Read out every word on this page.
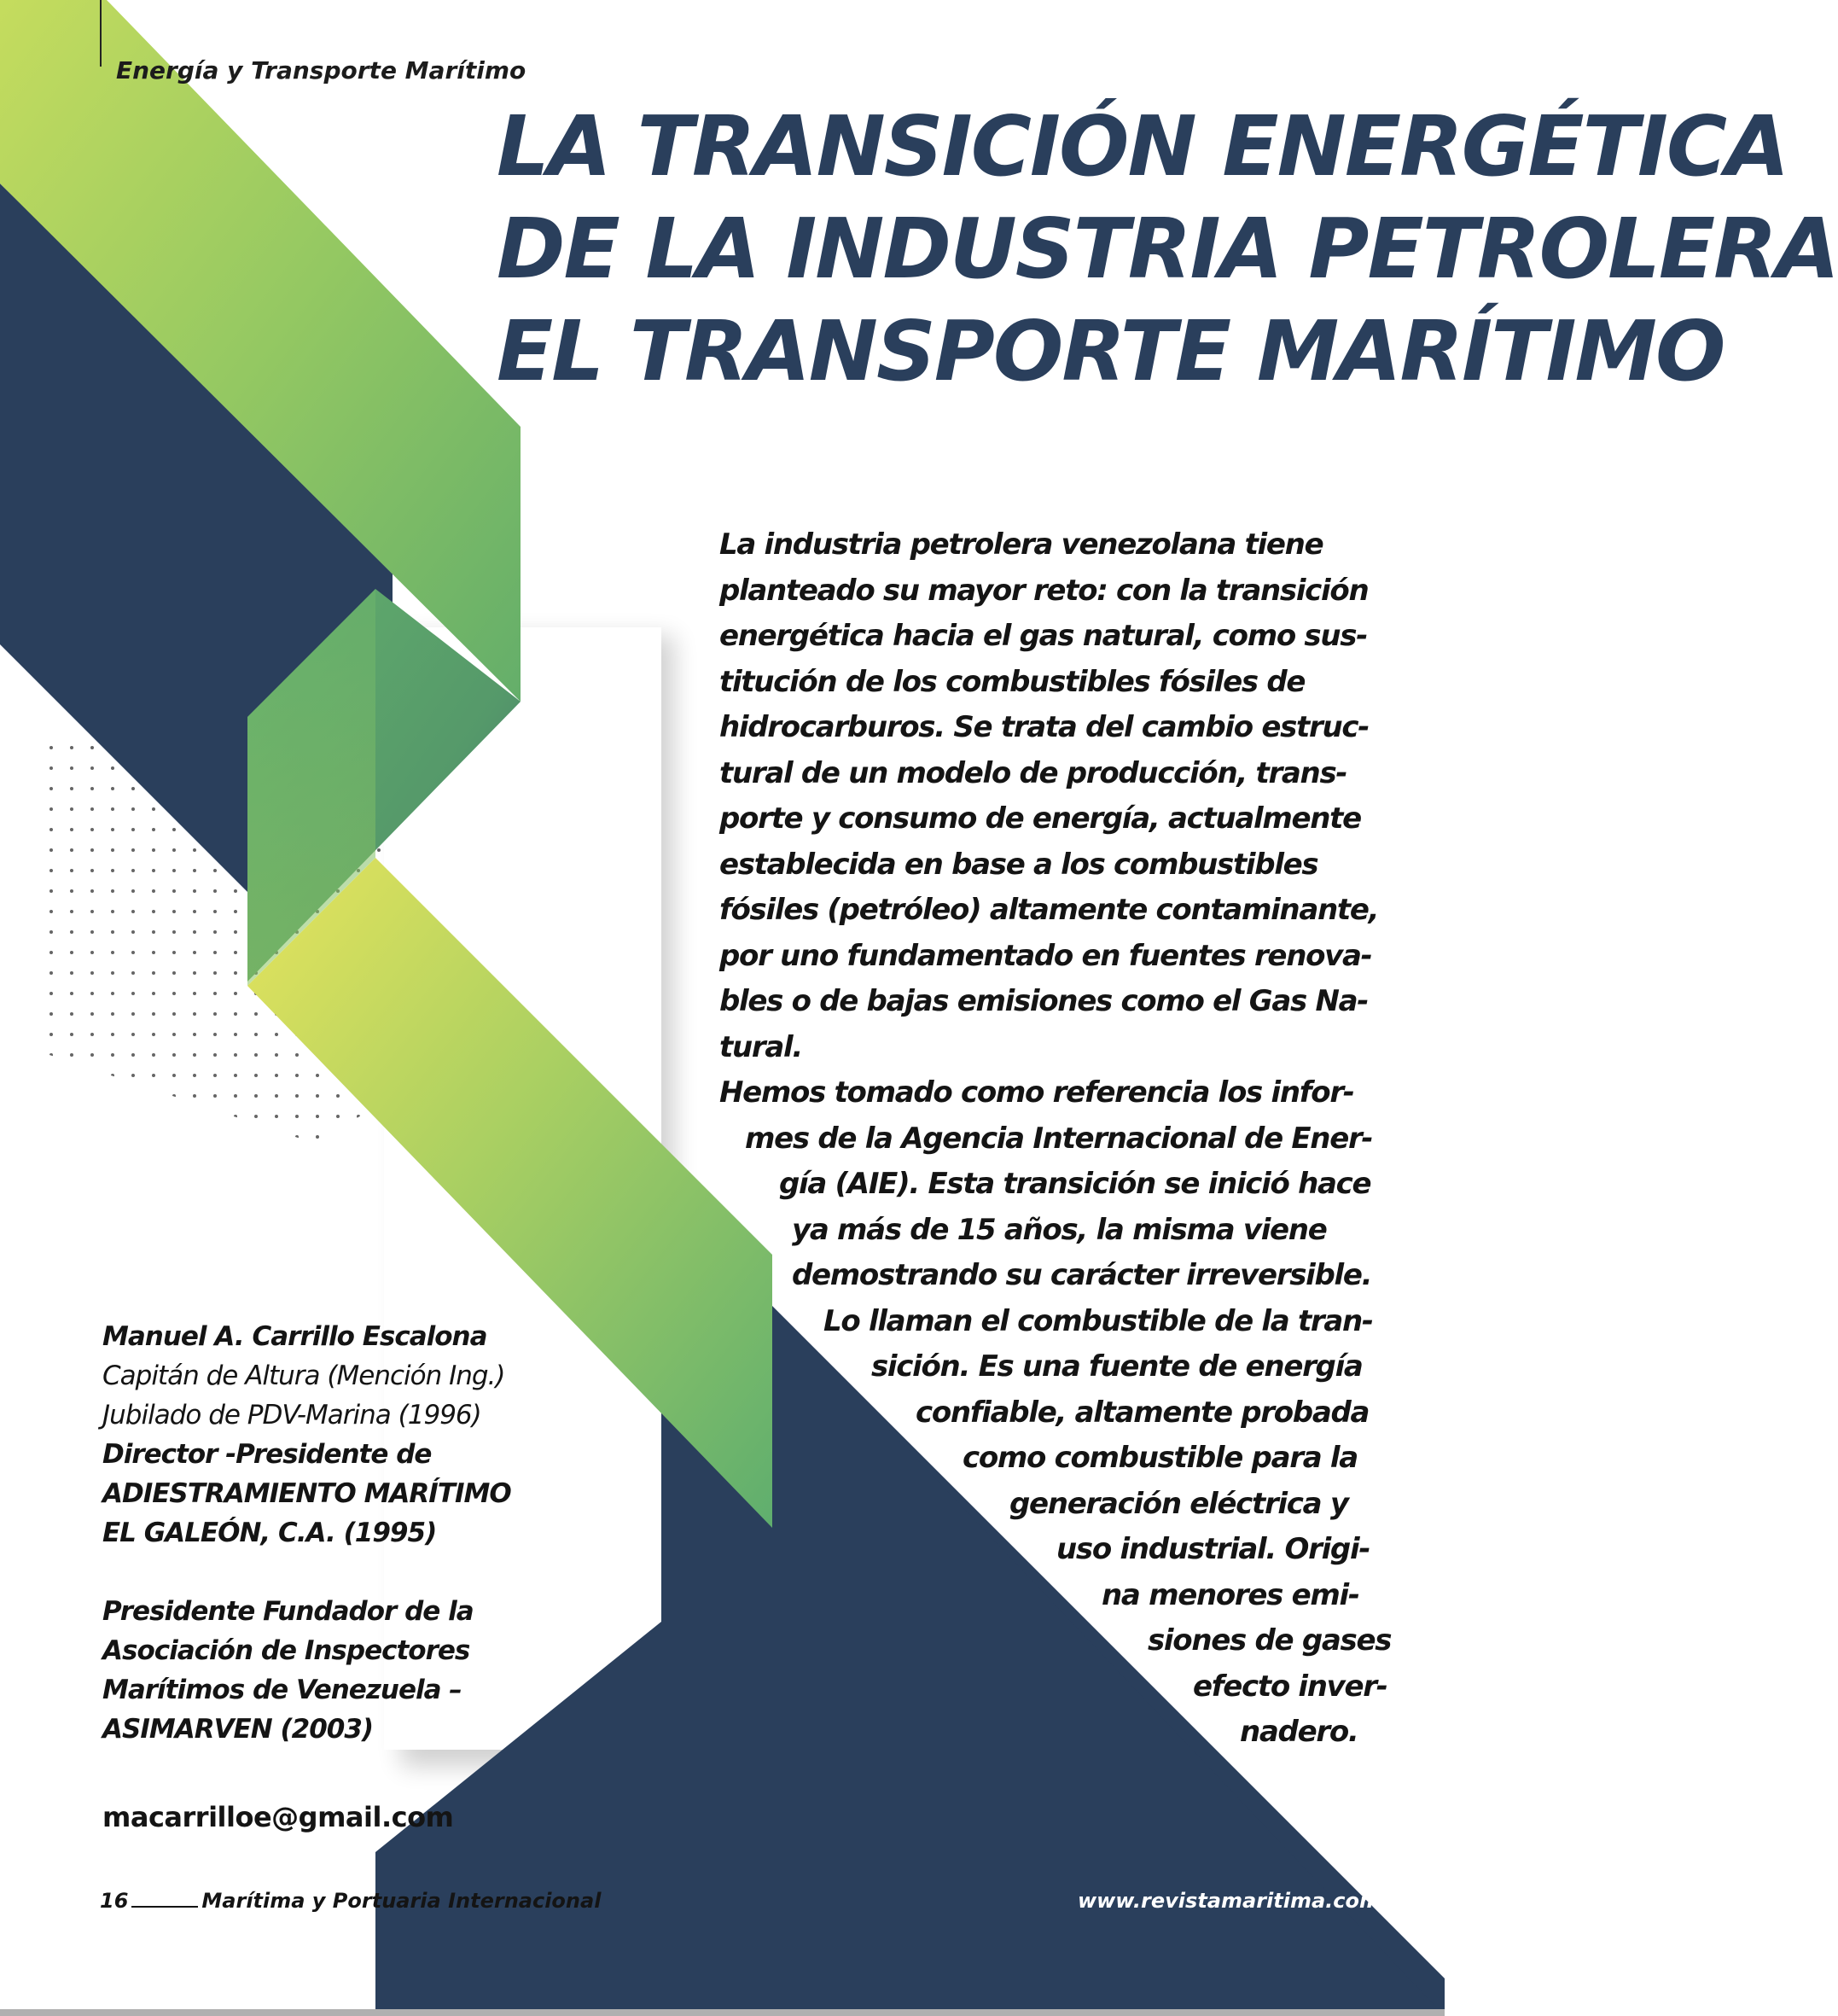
Energía y Transporte Marítimo
LA TRANSICIÓN ENERGÉTICA
DE LA INDUSTRIA PETROLERA
EL TRANSPORTE MARÍTIMO
La industria petrolera venezolana tiene
planteado su mayor reto: con la transición
energética hacia el gas natural, como sus-
titución de los combustibles fósiles de
hidrocarburos. Se trata del cambio estruc-
tural de un modelo de producción, trans-
porte y consumo de energía, actualmente
establecida en base a los combustibles
fósiles (petróleo) altamente contaminante,
por uno fundamentado en fuentes renova-
bles o de bajas emisiones como el Gas Na-
tural.
Hemos tomado como referencia los infor-
mes de la Agencia Internacional de Ener-
gía (AIE). Esta transición se inició hace
ya más de 15 años, la misma viene
demostrando su carácter irreversible.
Lo llaman el combustible de la tran-
sición. Es una fuente de energía
confiable, altamente probada
como combustible para la
generación eléctrica y
uso industrial. Origi-
na menores emi-
siones de gases
efecto inver-
nadero.
Manuel A. Carrillo Escalona
Capitán de Altura (Mención Ing.)
Jubilado de PDV-Marina (1996)
Director -Presidente de
ADIESTRAMIENTO MARÍTIMO
EL GALEÓN, C.A. (1995)
Presidente Fundador de la
Asociación de Inspectores
Marítimos de Venezuela –
ASIMARVEN (2003)
macarrilloe@gmail.com
16	Marítima y Portuaria Internacional	www.revistamaritima.com
